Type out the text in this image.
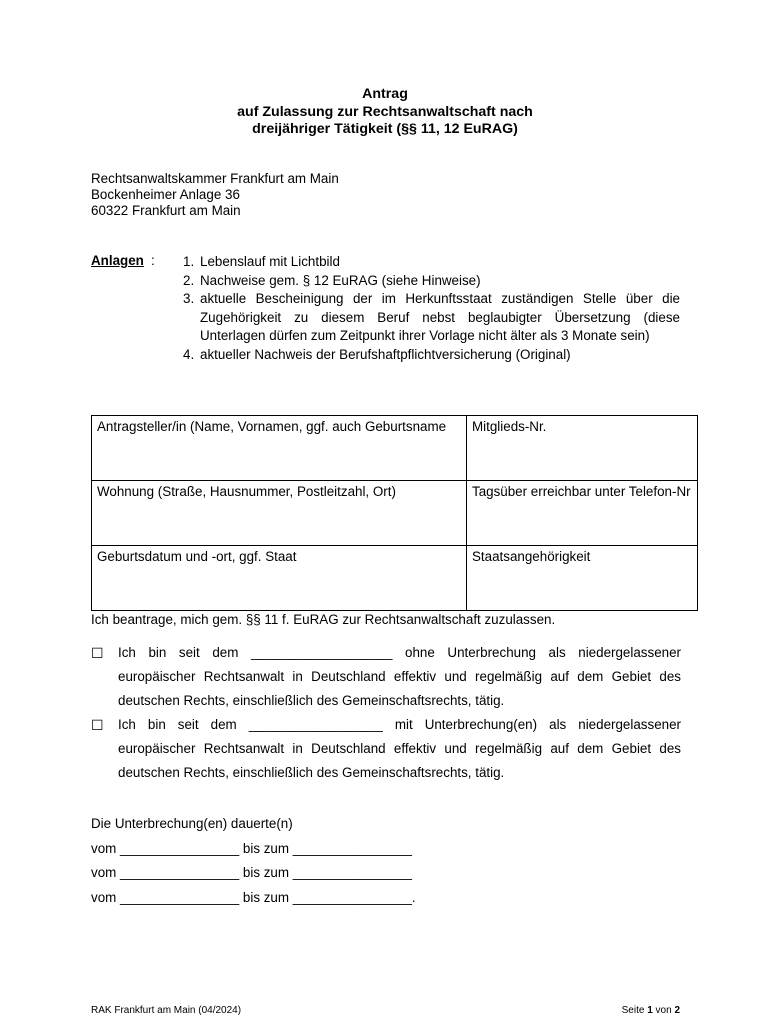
Antrag
auf Zulassung zur Rechtsanwaltschaft nach
dreijähriger Tätigkeit (§§ 11, 12 EuRAG)
Rechtsanwaltskammer Frankfurt am Main
Bockenheimer Anlage 36
60322 Frankfurt am Main
Anlagen : 1. Lebenslauf mit Lichtbild
2. Nachweise gem. § 12 EuRAG (siehe Hinweise)
3. aktuelle Bescheinigung der im Herkunftsstaat zuständigen Stelle über die Zugehörigkeit zu diesem Beruf nebst beglaubigter Übersetzung (diese Unterlagen dürfen zum Zeitpunkt ihrer Vorlage nicht älter als 3 Monate sein)
4. aktueller Nachweis der Berufshaftpflichtversicherung (Original)
Antragsteller/in (Name, Vornamen, ggf. auch Geburtsname	Mitglieds-Nr.
Wohnung (Straße, Hausnummer, Postleitzahl, Ort)	Tagsüber erreichbar unter Telefon-Nr
Geburtsdatum und -ort, ggf. Staat	Staatsangehörigkeit
Ich beantrage, mich gem. §§ 11 f. EuRAG zur Rechtsanwaltschaft zuzulassen.
☐ Ich bin seit dem ___________________ ohne Unterbrechung als niedergelassener europäischer Rechtsanwalt in Deutschland effektiv und regelmäßig auf dem Gebiet des deutschen Rechts, einschließlich des Gemeinschaftsrechts, tätig.
☐ Ich bin seit dem __________________ mit Unterbrechung(en) als niedergelassener europäischer Rechtsanwalt in Deutschland effektiv und regelmäßig auf dem Gebiet des deutschen Rechts, einschließlich des Gemeinschaftsrechts, tätig.
Die Unterbrechung(en) dauerte(n)
vom ________________ bis zum ________________
vom ________________ bis zum ________________
vom ________________ bis zum ________________.
RAK Frankfurt am Main (04/2024)	Seite 1 von 2
